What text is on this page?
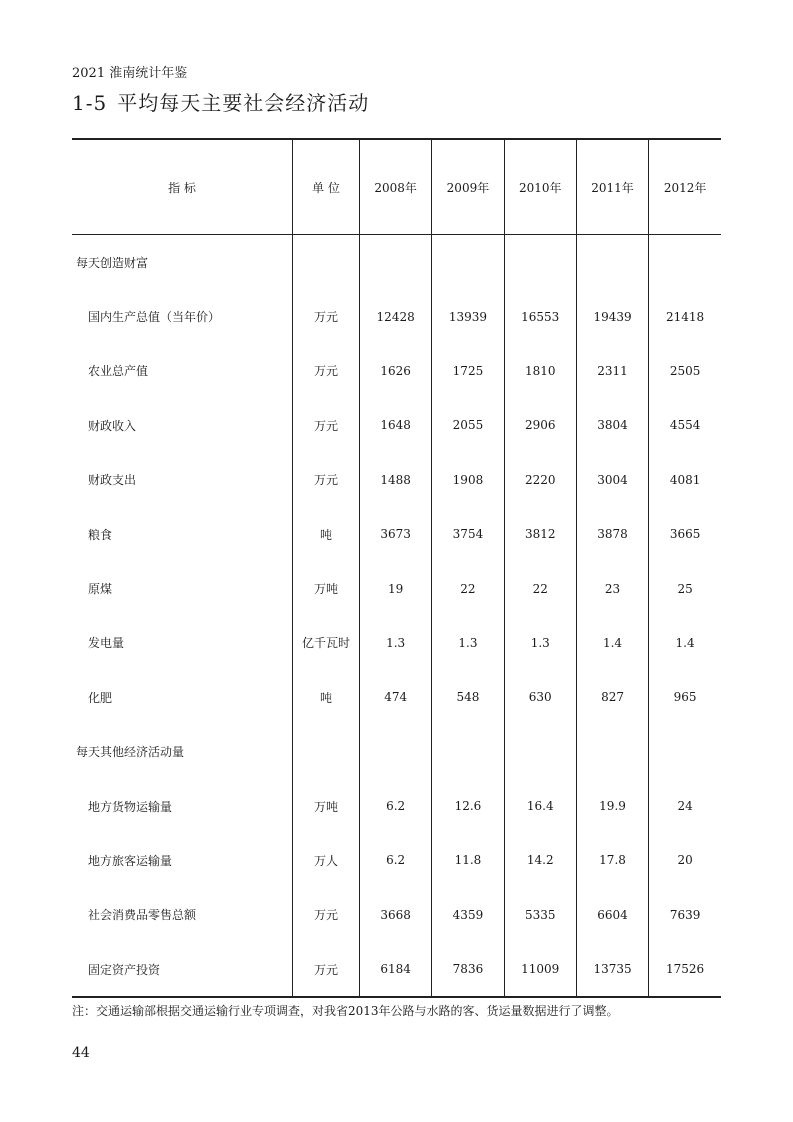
2021 淮南统计年鉴
1-5 平均每天主要社会经济活动
指 标	单 位	2008年	2009年	2010年	2011年	2012年
每天创造财富						
国内生产总值（当年价）	万元	12428	13939	16553	19439	21418
农业总产值	万元	1626	1725	1810	2311	2505
财政收入	万元	1648	2055	2906	3804	4554
财政支出	万元	1488	1908	2220	3004	4081
粮食	吨	3673	3754	3812	3878	3665
原煤	万吨	19	22	22	23	25
发电量	亿千瓦时	1.3	1.3	1.3	1.4	1.4
化肥	吨	474	548	630	827	965
每天其他经济活动量						
地方货物运输量	万吨	6.2	12.6	16.4	19.9	24
地方旅客运输量	万人	6.2	11.8	14.2	17.8	20
社会消费品零售总额	万元	3668	4359	5335	6604	7639
固定资产投资	万元	6184	7836	11009	13735	17526
注：交通运输部根据交通运输行业专项调查，对我省2013年公路与水路的客、货运量数据进行了调整。
44
